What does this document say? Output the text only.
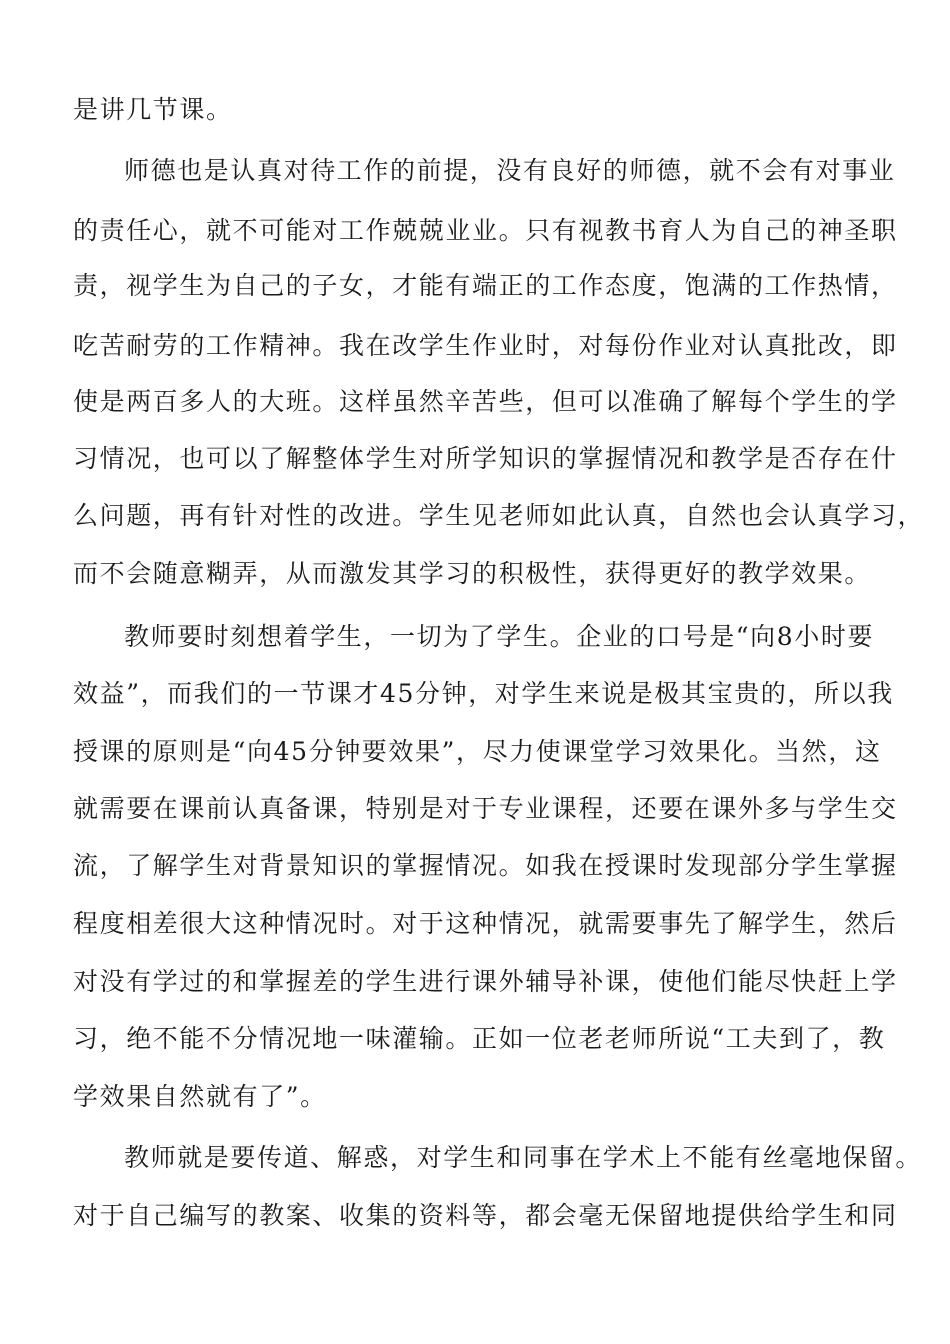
是讲几节课。
师德也是认真对待工作的前提，没有良好的师德，就不会有对事业
的责任心，就不可能对工作兢兢业业。只有视教书育人为自己的神圣职
责，视学生为自己的子女，才能有端正的工作态度，饱满的工作热情，
吃苦耐劳的工作精神。我在改学生作业时，对每份作业对认真批改，即
使是两百多人的大班。这样虽然辛苦些，但可以准确了解每个学生的学
习情况，也可以了解整体学生对所学知识的掌握情况和教学是否存在什
么问题，再有针对性的改进。学生见老师如此认真，自然也会认真学习，
而不会随意糊弄，从而激发其学习的积极性，获得更好的教学效果。
教师要时刻想着学生，一切为了学生。企业的口号是“向8小时要
效益”，而我们的一节课才45分钟，对学生来说是极其宝贵的，所以我
授课的原则是“向45分钟要效果”，尽力使课堂学习效果化。当然，这
就需要在课前认真备课，特别是对于专业课程，还要在课外多与学生交
流，了解学生对背景知识的掌握情况。如我在授课时发现部分学生掌握
程度相差很大这种情况时。对于这种情况，就需要事先了解学生，然后
对没有学过的和掌握差的学生进行课外辅导补课，使他们能尽快赶上学
习，绝不能不分情况地一味灌输。正如一位老老师所说“工夫到了，教
学效果自然就有了”。
教师就是要传道、解惑，对学生和同事在学术上不能有丝毫地保留。
对于自己编写的教案、收集的资料等，都会毫无保留地提供给学生和同
